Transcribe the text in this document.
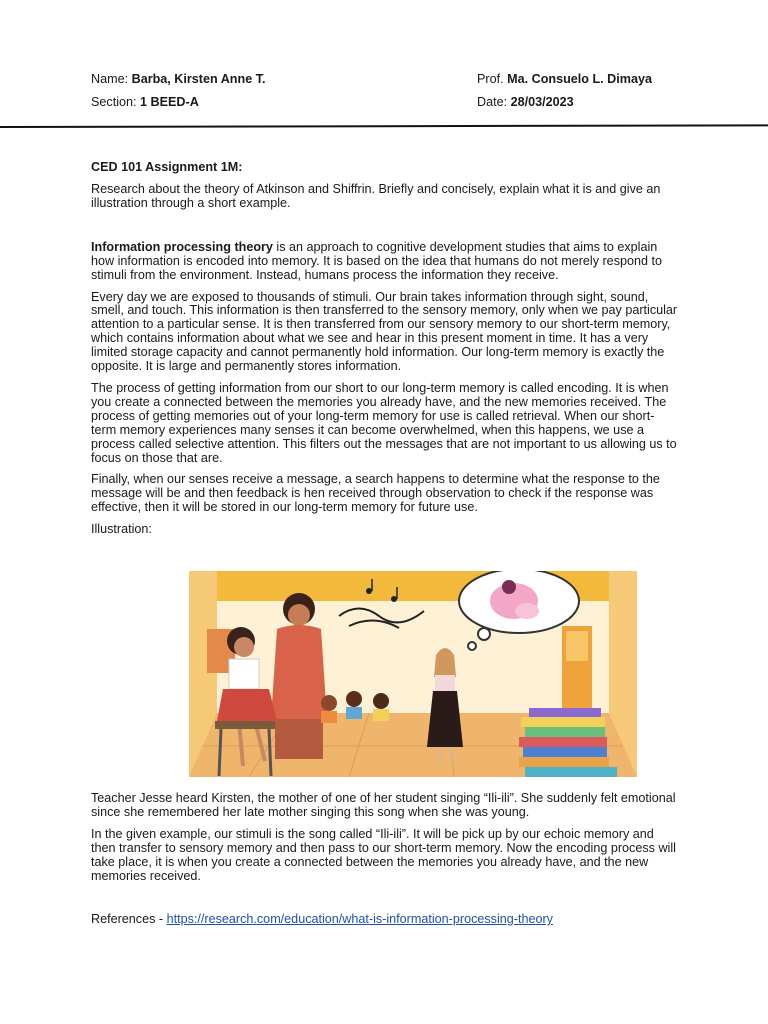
Name: Barba, Kirsten Anne T.	Prof. Ma. Consuelo L. Dimaya
Section: 1 BEED-A	Date: 28/03/2023

CED 101 Assignment 1M:

Research about the theory of Atkinson and Shiffrin. Briefly and concisely, explain what it is and give an illustration through a short example.

Information processing theory is an approach to cognitive development studies that aims to explain how information is encoded into memory. It is based on the idea that humans do not merely respond to stimuli from the environment. Instead, humans process the information they receive.

Every day we are exposed to thousands of stimuli. Our brain takes information through sight, sound, smell, and touch. This information is then transferred to the sensory memory, only when we pay particular attention to a particular sense. It is then transferred from our sensory memory to our short-term memory, which contains information about what we see and hear in this present moment in time. It has a very limited storage capacity and cannot permanently hold information. Our long-term memory is exactly the opposite. It is large and permanently stores information.

The process of getting information from our short to our long-term memory is called encoding. It is when you create a connected between the memories you already have, and the new memories received. The process of getting memories out of your long-term memory for use is called retrieval. When our short-term memory experiences many senses it can become overwhelmed, when this happens, we use a process called selective attention. This filters out the messages that are not important to us allowing us to focus on those that are.

Finally, when our senses receive a message, a search happens to determine what the response to the message will be and then feedback is hen received through observation to check if the response was effective, then it will be stored in our long-term memory for future use.

Illustration:

Teacher Jesse heard Kirsten, the mother of one of her student singing “Ili-ili”. She suddenly felt emotional since she remembered her late mother singing this song when she was young.

In the given example, our stimuli is the song called “Ili-ili”. It will be pick up by our echoic memory and then transfer to sensory memory and then pass to our short-term memory. Now the encoding process will take place, it is when you create a connected between the memories you already have, and the new memories received.

References - https://research.com/education/what-is-information-processing-theory
